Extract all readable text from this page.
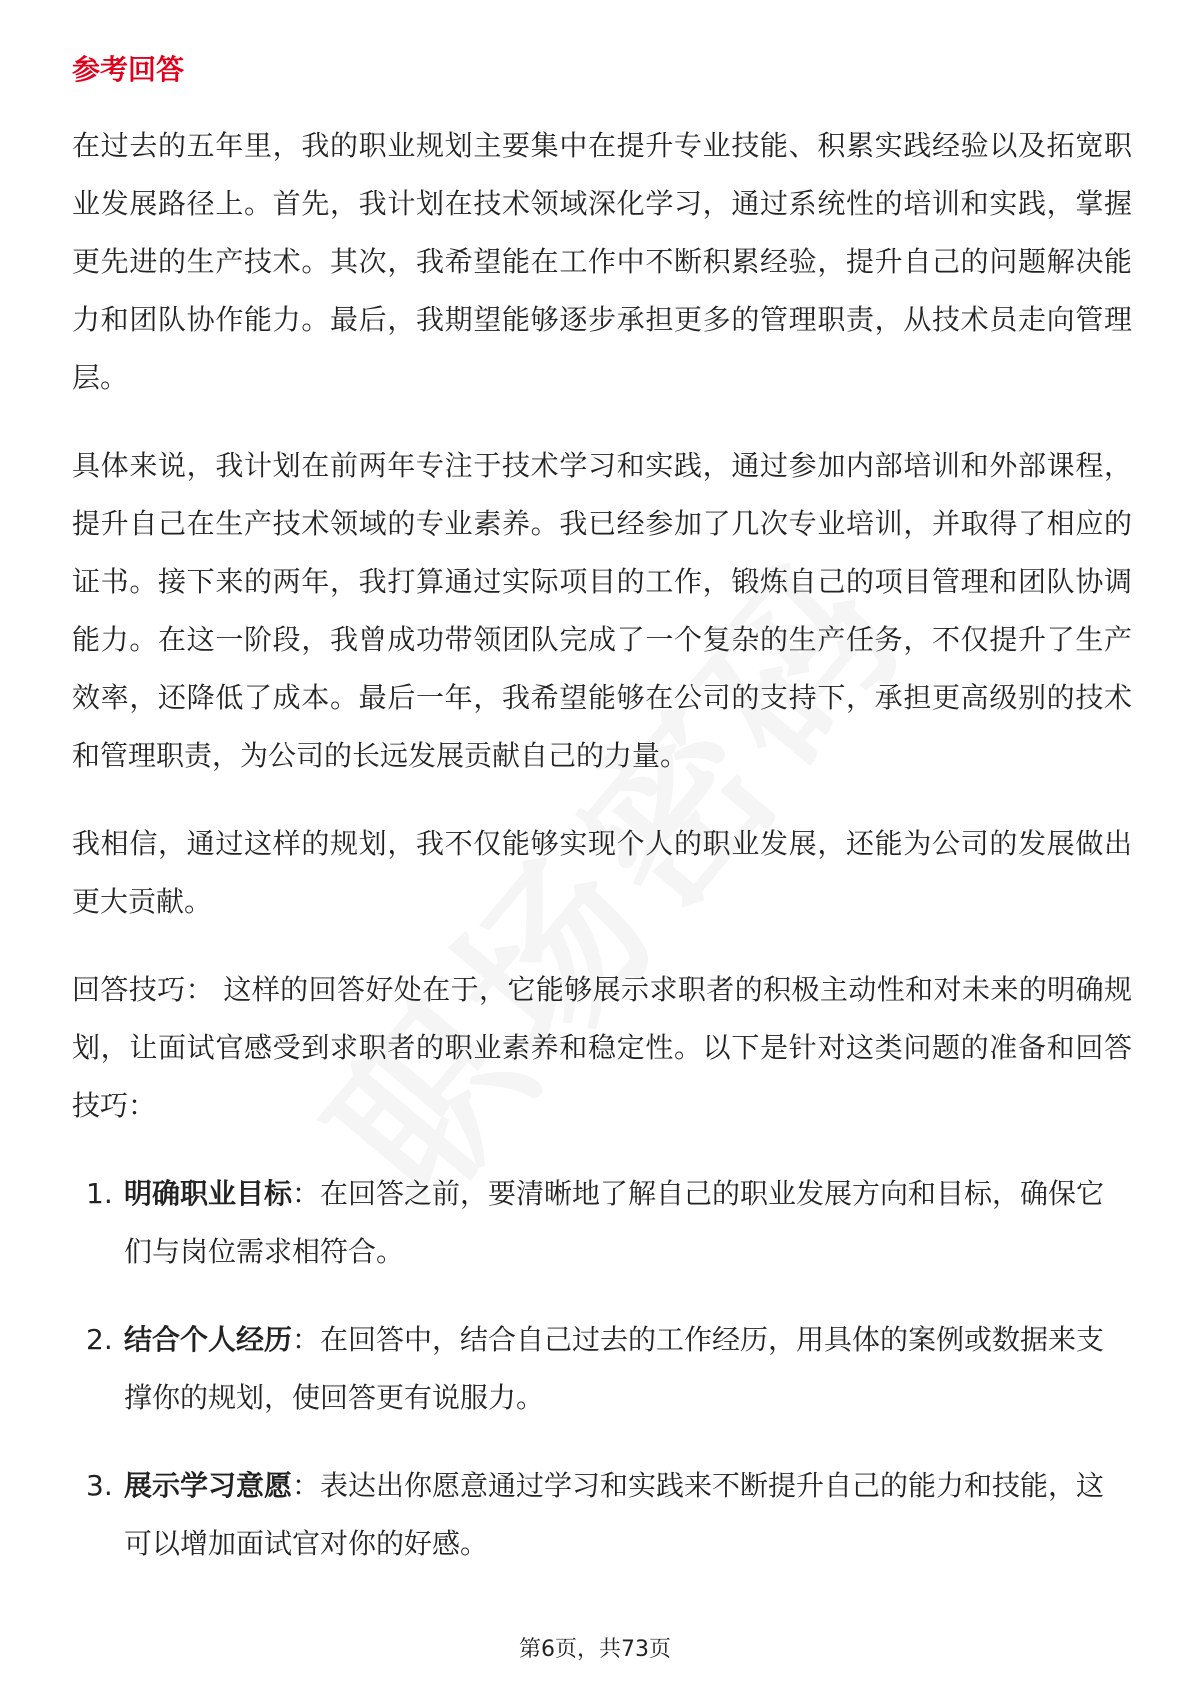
参考回答

在过去的五年里，我的职业规划主要集中在提升专业技能、积累实践经验以及拓宽职业发展路径上。首先，我计划在技术领域深化学习，通过系统性的培训和实践，掌握更先进的生产技术。其次，我希望能在工作中不断积累经验，提升自己的问题解决能力和团队协作能力。最后，我期望能够逐步承担更多的管理职责，从技术员走向管理层。

具体来说，我计划在前两年专注于技术学习和实践，通过参加内部培训和外部课程，提升自己在生产技术领域的专业素养。我已经参加了几次专业培训，并取得了相应的证书。接下来的两年，我打算通过实际项目的工作，锻炼自己的项目管理和团队协调能力。在这一阶段，我曾成功带领团队完成了一个复杂的生产任务，不仅提升了生产效率，还降低了成本。最后一年，我希望能够在公司的支持下，承担更高级别的技术和管理职责，为公司的长远发展贡献自己的力量。

我相信，通过这样的规划，我不仅能够实现个人的职业发展，还能为公司的发展做出更大贡献。

回答技巧： 这样的回答好处在于，它能够展示求职者的积极主动性和对未来的明确规划，让面试官感受到求职者的职业素养和稳定性。以下是针对这类问题的准备和回答技巧：

1. 明确职业目标：在回答之前，要清晰地了解自己的职业发展方向和目标，确保它们与岗位需求相符合。
2. 结合个人经历：在回答中，结合自己过去的工作经历，用具体的案例或数据来支撑你的规划，使回答更有说服力。
3. 展示学习意愿：表达出你愿意通过学习和实践来不断提升自己的能力和技能，这可以增加面试官对你的好感。
第6页，共73页
